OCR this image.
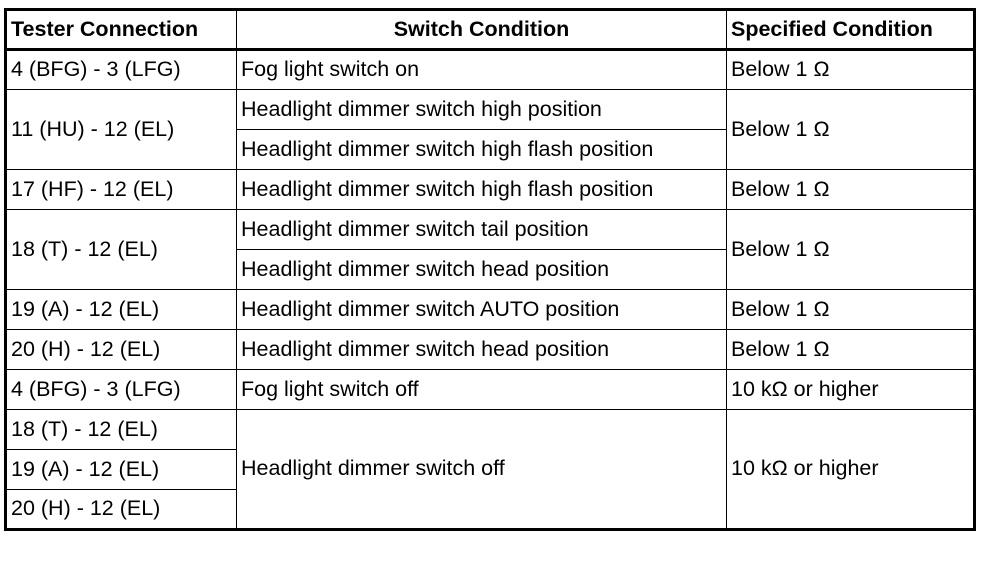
Tester Connection	Switch Condition	Specified Condition
4 (BFG) - 3 (LFG)	Fog light switch on	Below 1 Ω
11 (HU) - 12 (EL)	Headlight dimmer switch high position	Below 1 Ω
	Headlight dimmer switch high flash position	
17 (HF) - 12 (EL)	Headlight dimmer switch high flash position	Below 1 Ω
18 (T) - 12 (EL)	Headlight dimmer switch tail position	Below 1 Ω
	Headlight dimmer switch head position	
19 (A) - 12 (EL)	Headlight dimmer switch AUTO position	Below 1 Ω
20 (H) - 12 (EL)	Headlight dimmer switch head position	Below 1 Ω
4 (BFG) - 3 (LFG)	Fog light switch off	10 kΩ or higher
18 (T) - 12 (EL)	Headlight dimmer switch off	10 kΩ or higher
19 (A) - 12 (EL)		
20 (H) - 12 (EL)		
